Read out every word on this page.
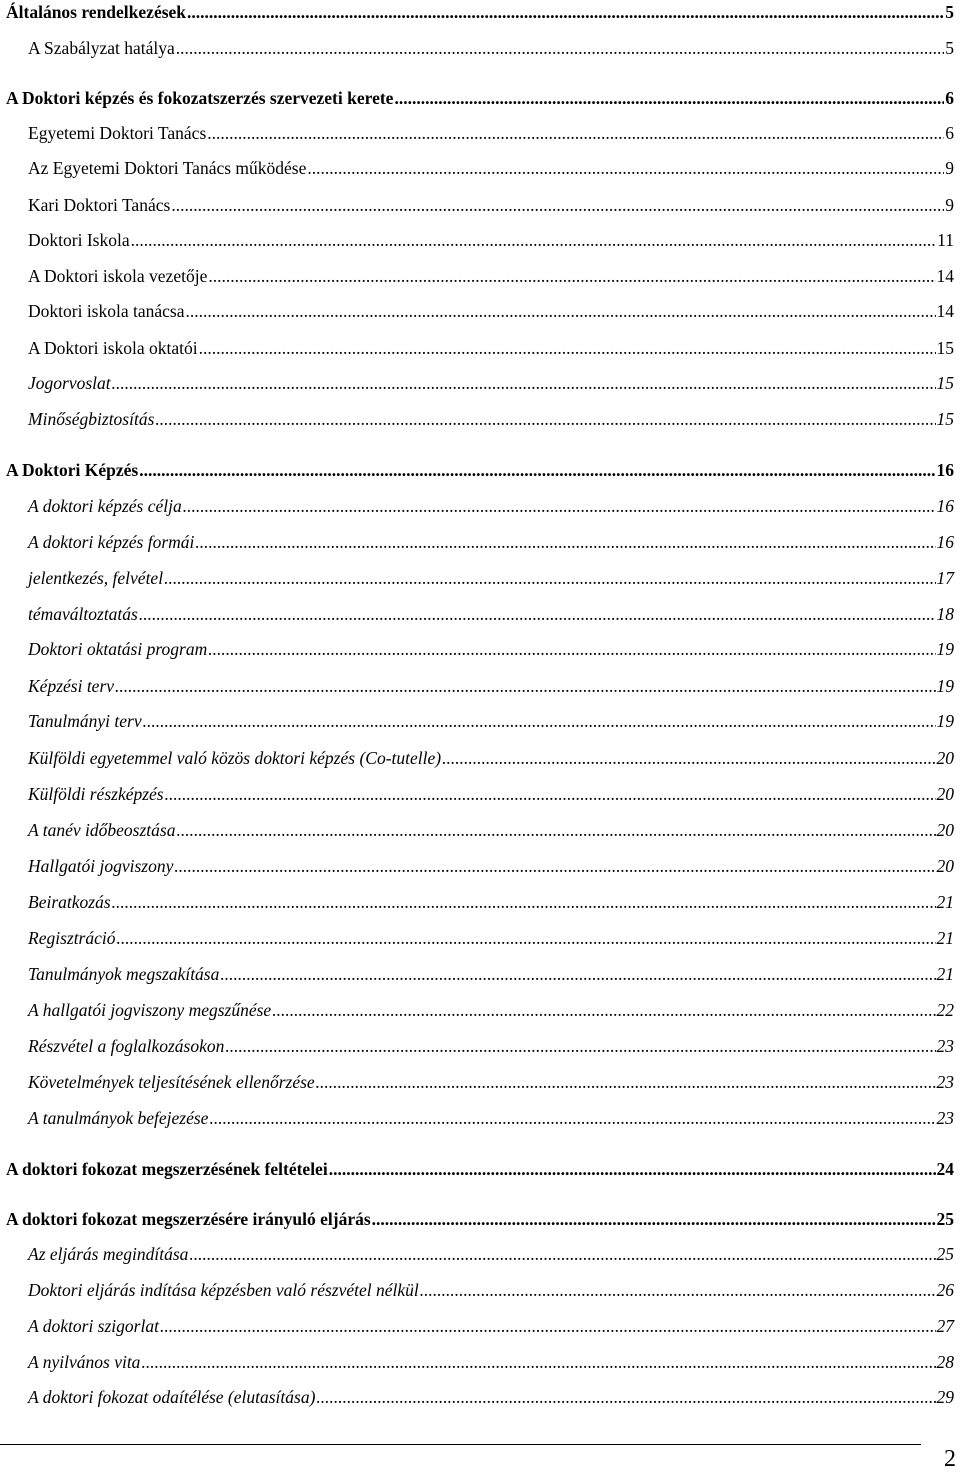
Általános rendelkezések .....	5
A Szabályzat hatálya .....	5
A Doktori képzés és fokozatszerzés szervezeti kerete .....	6
Egyetemi Doktori Tanács .....	6
Az Egyetemi Doktori Tanács működése .....	9
Kari Doktori Tanács .....	9
Doktori Iskola .....	11
A Doktori iskola vezetője .....	14
Doktori iskola tanácsa .....	14
A Doktori iskola oktatói .....	15
Jogorvoslat .....	15
Minőségbiztosítás .....	15
A Doktori Képzés .....	16
A doktori képzés célja .....	16
A doktori képzés formái .....	16
jelentkezés, felvétel .....	17
témaváltoztatás .....	18
Doktori oktatási program .....	19
Képzési terv .....	19
Tanulmányi terv .....	19
Külföldi egyetemmel való közös doktori képzés (Co-tutelle) .....	20
Külföldi részképzés .....	20
A tanév időbeosztása .....	20
Hallgatói jogviszony .....	20
Beiratkozás .....	21
Regisztráció .....	21
Tanulmányok megszakítása .....	21
A hallgatói jogviszony megszűnése .....	22
Részvétel a foglalkozásokon .....	23
Követelmények teljesítésének ellenőrzése .....	23
A tanulmányok befejezése .....	23
A doktori fokozat megszerzésének feltételei .....	24
A doktori fokozat megszerzésére irányuló eljárás .....	25
Az eljárás megindítása .....	25
Doktori eljárás indítása képzésben való részvétel nélkül .....	26
A doktori szigorlat .....	27
A nyilvános vita .....	28
A doktori fokozat odaítélése (elutasítása) .....	29
2
